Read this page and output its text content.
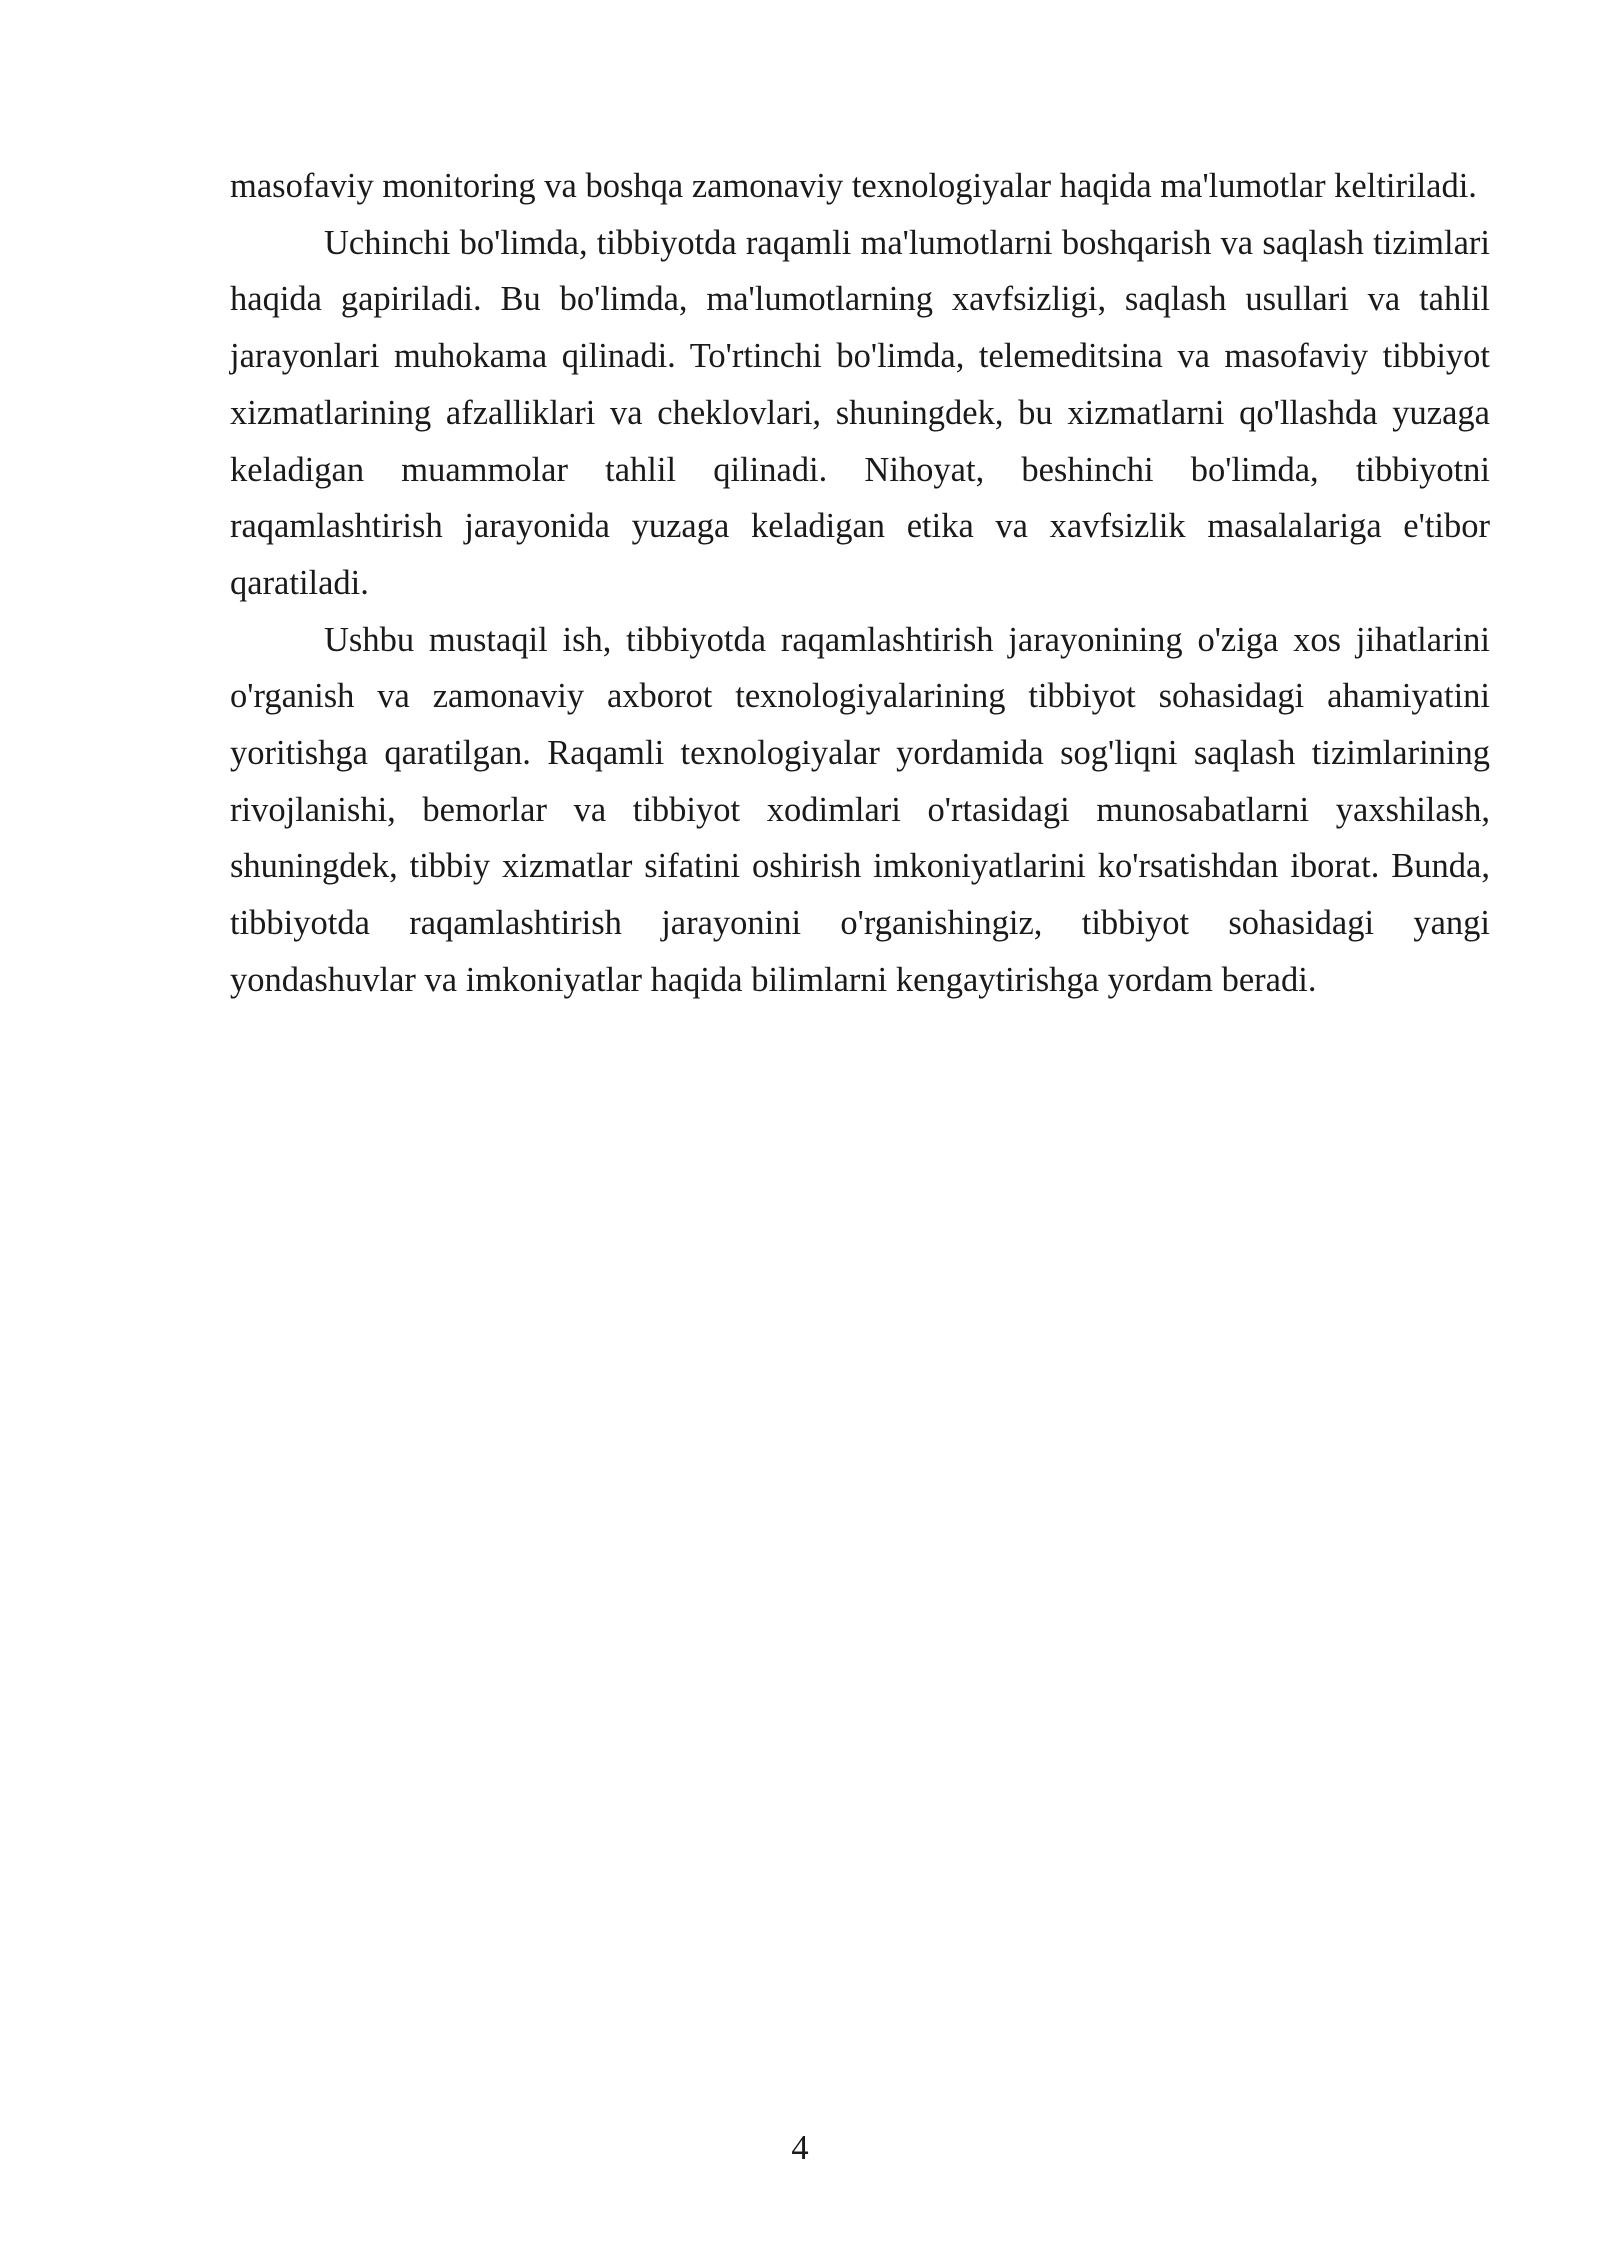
masofaviy monitoring va boshqa zamonaviy texnologiyalar haqida ma'lumotlar keltiriladi.

Uchinchi bo'limda, tibbiyotda raqamli ma'lumotlarni boshqarish va saqlash tizimlari haqida gapiriladi. Bu bo'limda, ma'lumotlarning xavfsizligi, saqlash usullari va tahlil jarayonlari muhokama qilinadi. To'rtinchi bo'limda, telemeditsina va masofaviy tibbiyot xizmatlarining afzalliklari va cheklovlari, shuningdek, bu xizmatlarni qo'llashda yuzaga keladigan muammolar tahlil qilinadi. Nihoyat, beshinchi bo'limda, tibbiyotni raqamlashtirish jarayonida yuzaga keladigan etika va xavfsizlik masalalariga e'tibor qaratiladi.

Ushbu mustaqil ish, tibbiyotda raqamlashtirish jarayonining o'ziga xos jihatlarini o'rganish va zamonaviy axborot texnologiyalarining tibbiyot sohasidagi ahamiyatini yoritishga qaratilgan. Raqamli texnologiyalar yordamida sog'liqni saqlash tizimlarining rivojlanishi, bemorlar va tibbiyot xodimlari o'rtasidagi munosabatlarni yaxshilash, shuningdek, tibbiy xizmatlar sifatini oshirish imkoniyatlarini ko'rsatishdan iborat. Bunda, tibbiyotda raqamlashtirish jarayonini o'rganishingiz, tibbiyot sohasidagi yangi yondashuvlar va imkoniyatlar haqida bilimlarni kengaytirishga yordam beradi.

4
